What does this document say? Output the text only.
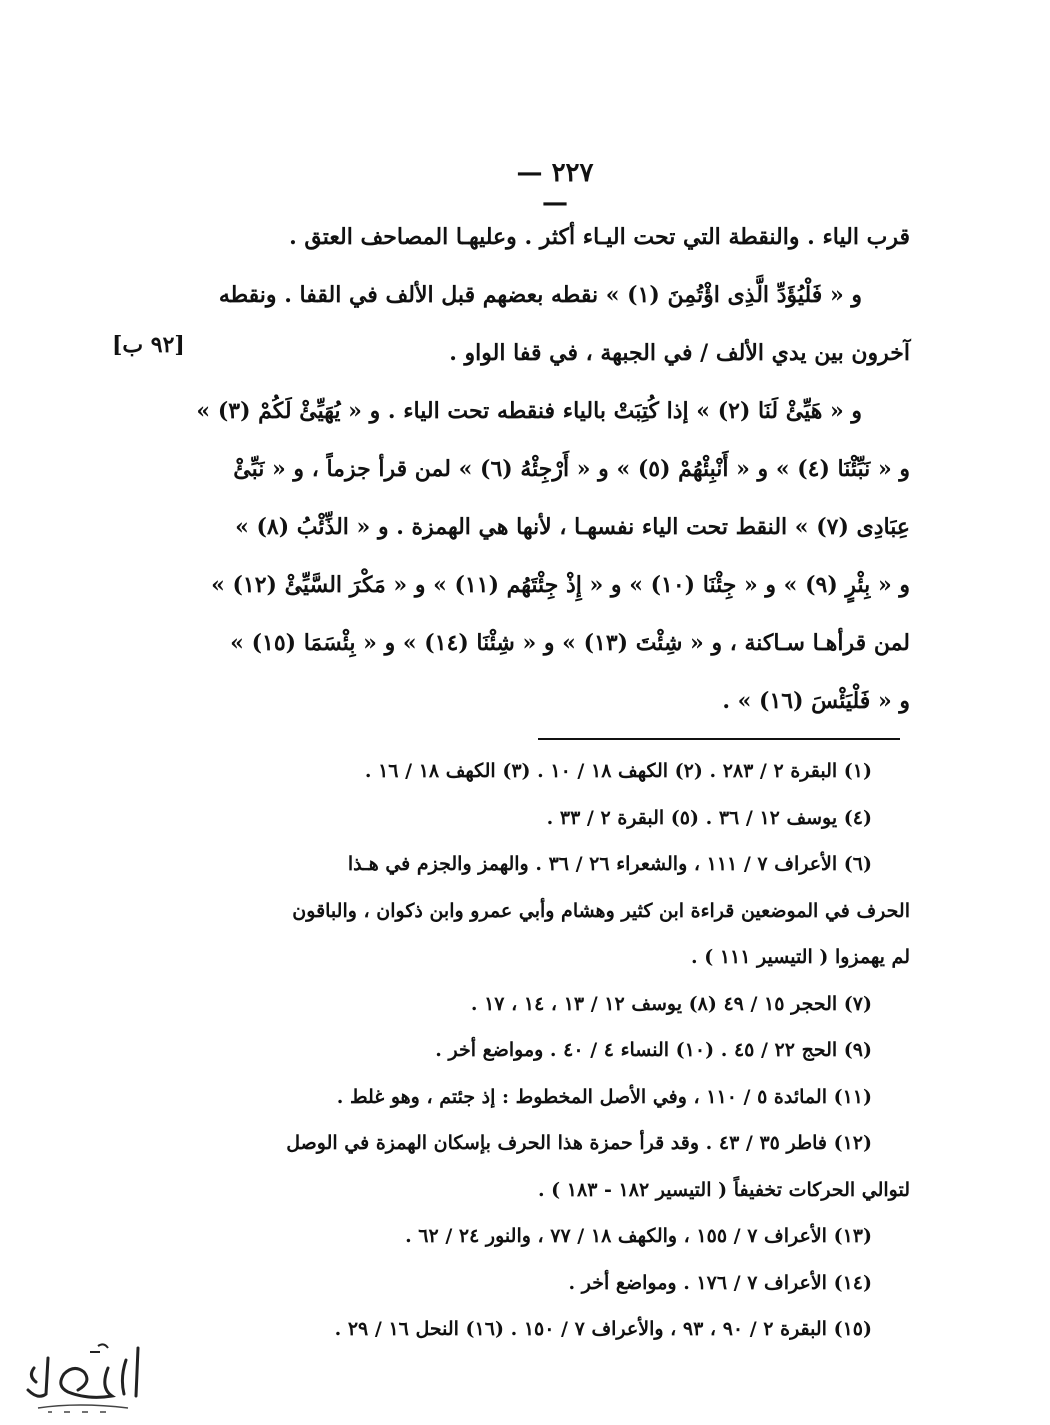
— ٢٢٧ —
قرب الياء . والنقطة التي تحت اليـاء أكثر . وعليهـا المصاحف العتق .
و « فَلْيُؤَدِّ الَّذِى اؤْتُمِنَ (١) » نقطه بعضهم قبل الألف في القفا . ونقطه
آخرون بين يدي الألف / في الجبهة ، في قفا الواو .
و « هَيِّئْ لَنَا (٢) » إذا كُتِبَتْ بالياء فنقطه تحت الياء . و « يُهَيِّئْ لَكُمْ (٣) »
و « نَبِّئْنَا (٤) » و « أَنْبِئْهُمْ (٥) » و « أَرْجِئْهُ (٦) » لمن قرأ جزماً ، و « نَبِّئْ
عِبَادِى (٧) » النقط تحت الياء نفسهـا ، لأنها هي الهمزة . و « الذِّئْبُ (٨) »
و « بِئْرٍ (٩) » و « جِئْنَا (١٠) » و « إِذْ جِئْتَهُم (١١) » و « مَكْرَ السَّيِّئْ (١٢) »
لمن قرأهـا سـاكنة ، و « شِئْتَ (١٣) » و « شِئْنَا (١٤) » و « بِئْسَمَا (١٥) »
و « فَلْيَئْسَ (١٦) » .
[٩٢ ب]
(١) البقرة ٢ / ٢٨٣ . (٢) الكهف ١٨ / ١٠ . (٣) الكهف ١٨ / ١٦ .
(٤) يوسف ١٢ / ٣٦ . (٥) البقرة ٢ / ٣٣ .
(٦) الأعراف ٧ / ١١١ ، والشعراء ٢٦ / ٣٦ . والهمز والجزم في هـذا
الحرف في الموضعين قراءة ابن كثير وهشام وأبي عمرو وابن ذكوان ، والباقون
لم يهمزوا ( التيسير ١١١ ) .
(٧) الحجر ١٥ / ٤٩ (٨) يوسف ١٢ / ١٣ ، ١٤ ، ١٧ .
(٩) الحج ٢٢ / ٤٥ . (١٠) النساء ٤ / ٤٠ . ومواضع أخر .
(١١) المائدة ٥ / ١١٠ ، وفي الأصل المخطوط : إذ جئتم ، وهو غلط .
(١٢) فاطر ٣٥ / ٤٣ . وقد قرأ حمزة هذا الحرف بإسكان الهمزة في الوصل
لتوالي الحركات تخفيفاً ( التيسير ١٨٢ - ١٨٣ ) .
(١٣) الأعراف ٧ / ١٥٥ ، والكهف ١٨ / ٧٧ ، والنور ٢٤ / ٦٢ .
(١٤) الأعراف ٧ / ١٧٦ . ومواضع أخر .
(١٥) البقرة ٢ / ٩٠ ، ٩٣ ، والأعراف ٧ / ١٥٠ . (١٦) النحل ١٦ / ٢٩ .
